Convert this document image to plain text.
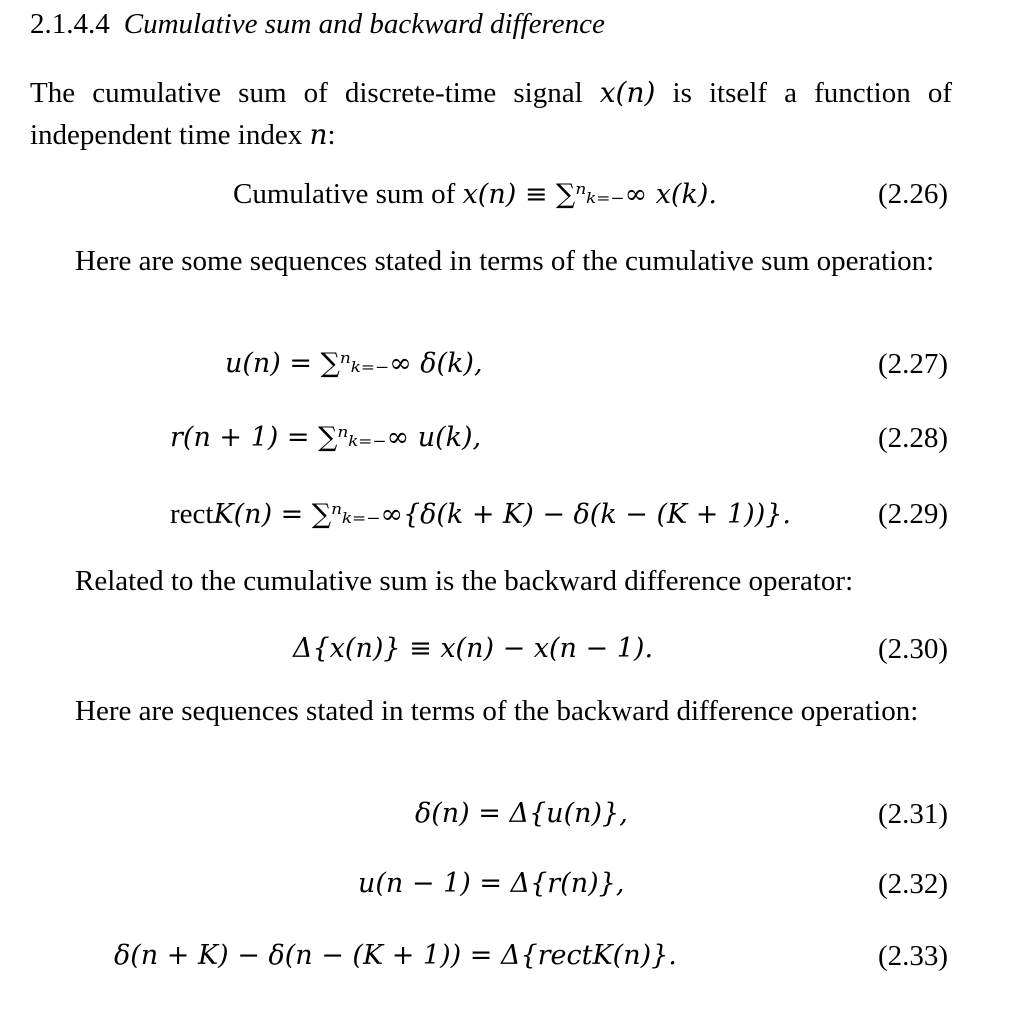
2.1.4.4 Cumulative sum and backward difference
The cumulative sum of discrete-time signal x(n) is itself a function of independent time index n:
Cumulative sum of x(n) ≡ ∑ⁿₖ₌₋∞ x(k).	(2.26)
Here are some sequences stated in terms of the cumulative sum operation:
u(n) = ∑ⁿₖ₌₋∞ δ(k),	(2.27)
r(n + 1) = ∑ⁿₖ₌₋∞ u(k),	(2.28)
rectK(n) = ∑ⁿₖ₌₋∞{δ(k + K) − δ(k − (K + 1))}.	(2.29)
Related to the cumulative sum is the backward difference operator:
Δ{x(n)} ≡ x(n) − x(n − 1).	(2.30)
Here are sequences stated in terms of the backward difference operation:
δ(n) = Δ{u(n)},	(2.31)
u(n − 1) = Δ{r(n)},	(2.32)
δ(n + K) − δ(n − (K + 1)) = Δ{rectK(n)}.	(2.33)
